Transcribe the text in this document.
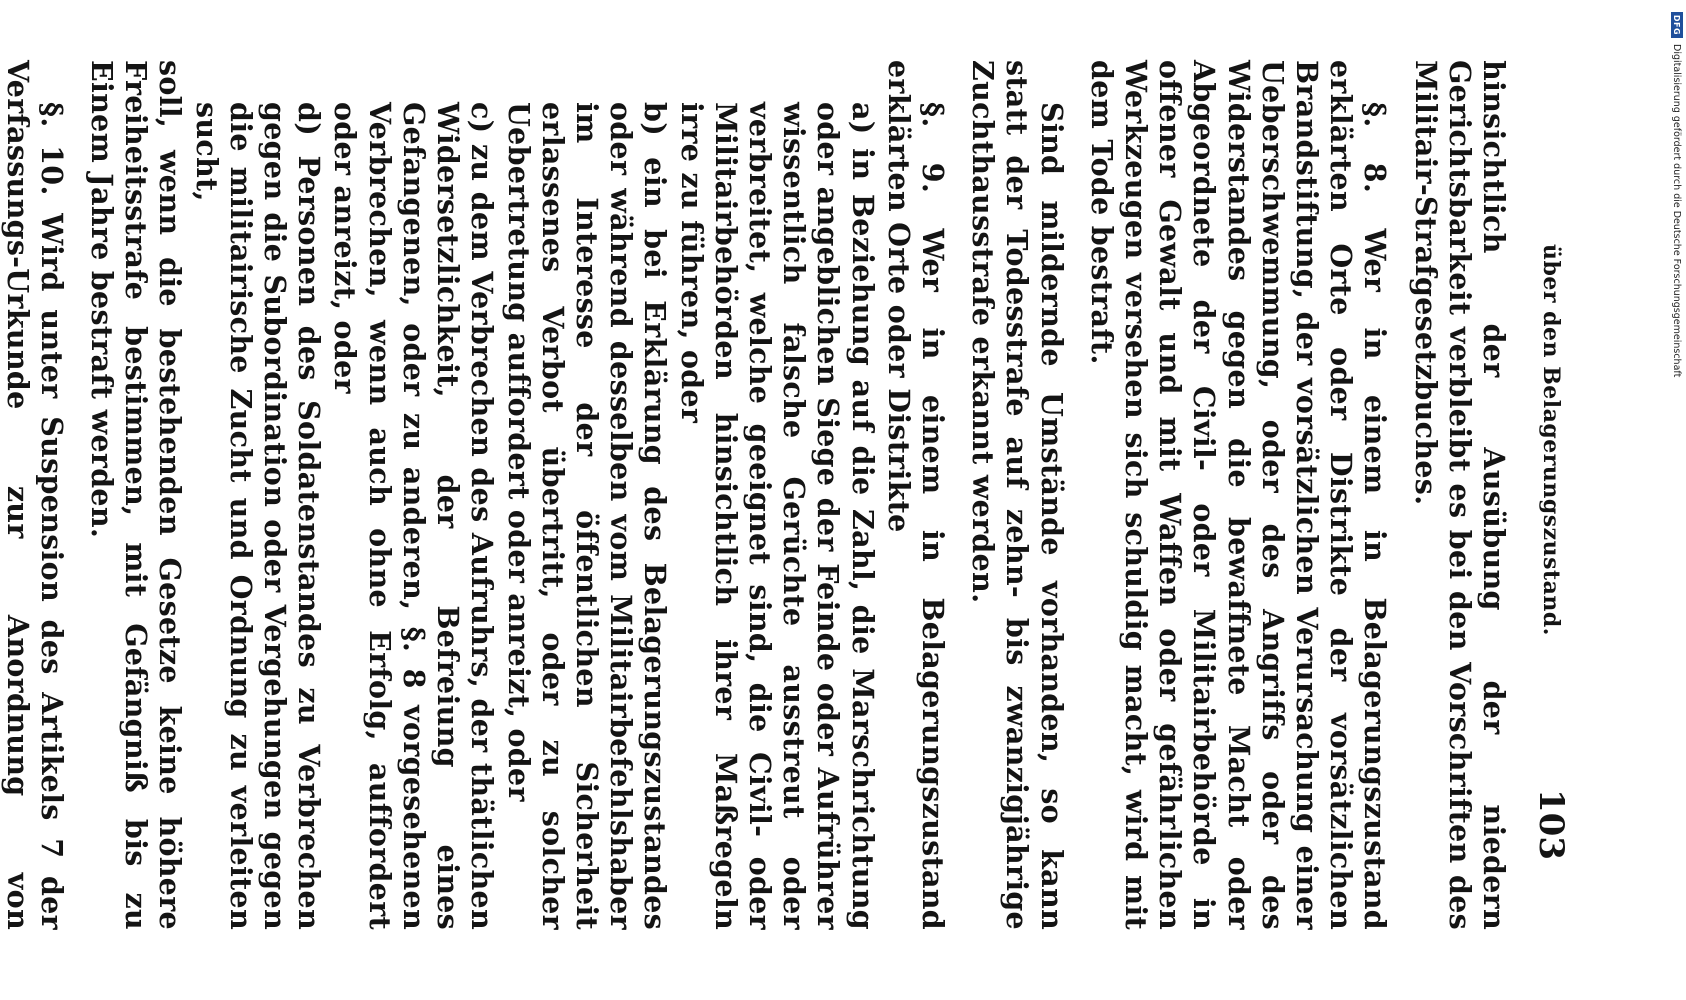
über den Belagerungszustand.
103

hinsichtlich der Ausübung der niedern Gerichtsbarkeit verbleibt es bei den Vorschriften des Militair-Strafgesetzbuches.

§. 8. Wer in einem in Belagerungszustand erklärten Orte oder Distrikte der vorsätzlichen Brandstiftung, der vorsätzlichen Verursachung einer Ueberschwemmung, oder des Angriffs oder des Widerstandes gegen die bewaffnete Macht oder Abgeordnete der Civil- oder Militairbehörde in offener Gewalt und mit Waffen oder gefährlichen Werkzeugen versehen sich schuldig macht, wird mit dem Tode bestraft.

Sind mildernde Umstände vorhanden, so kann statt der Todesstrafe auf zehn- bis zwanzigjährige Zuchthausstrafe erkannt werden.

§. 9. Wer in einem in Belagerungszustand erklärten Orte oder Distrikte

a) in Beziehung auf die Zahl, die Marschrichtung oder angeblichen Siege der Feinde oder Aufrührer wissentlich falsche Gerüchte ausstreut oder verbreitet, welche geeignet sind, die Civil- oder Militairbehörden hinsichtlich ihrer Maßregeln irre zu führen, oder

b) ein bei Erklärung des Belagerungszustandes oder während desselben vom Militairbefehlshaber im Interesse der öffentlichen Sicherheit erlassenes Verbot übertritt, oder zu solcher Uebertretung auffordert oder anreizt, oder

c) zu dem Verbrechen des Aufruhrs, der thätlichen Widersetzlichkeit, der Befreiung eines Gefangenen, oder zu anderen, §. 8 vorgesehenen Verbrechen, wenn auch ohne Erfolg, auffordert oder anreizt, oder

d) Personen des Soldatenstandes zu Verbrechen gegen die Subordination oder Vergehungen gegen die militairische Zucht und Ordnung zu verleiten sucht,

soll, wenn die bestehenden Gesetze keine höhere Freiheitsstrafe bestimmen, mit Gefängniß bis zu Einem Jahre bestraft werden.

§. 10. Wird unter Suspension des Artikels 7 der Verfassungs-Urkunde zur Anordnung von

DFG
Digitalisierung gefördert durch die Deutsche Forschungsgemeinschaft
